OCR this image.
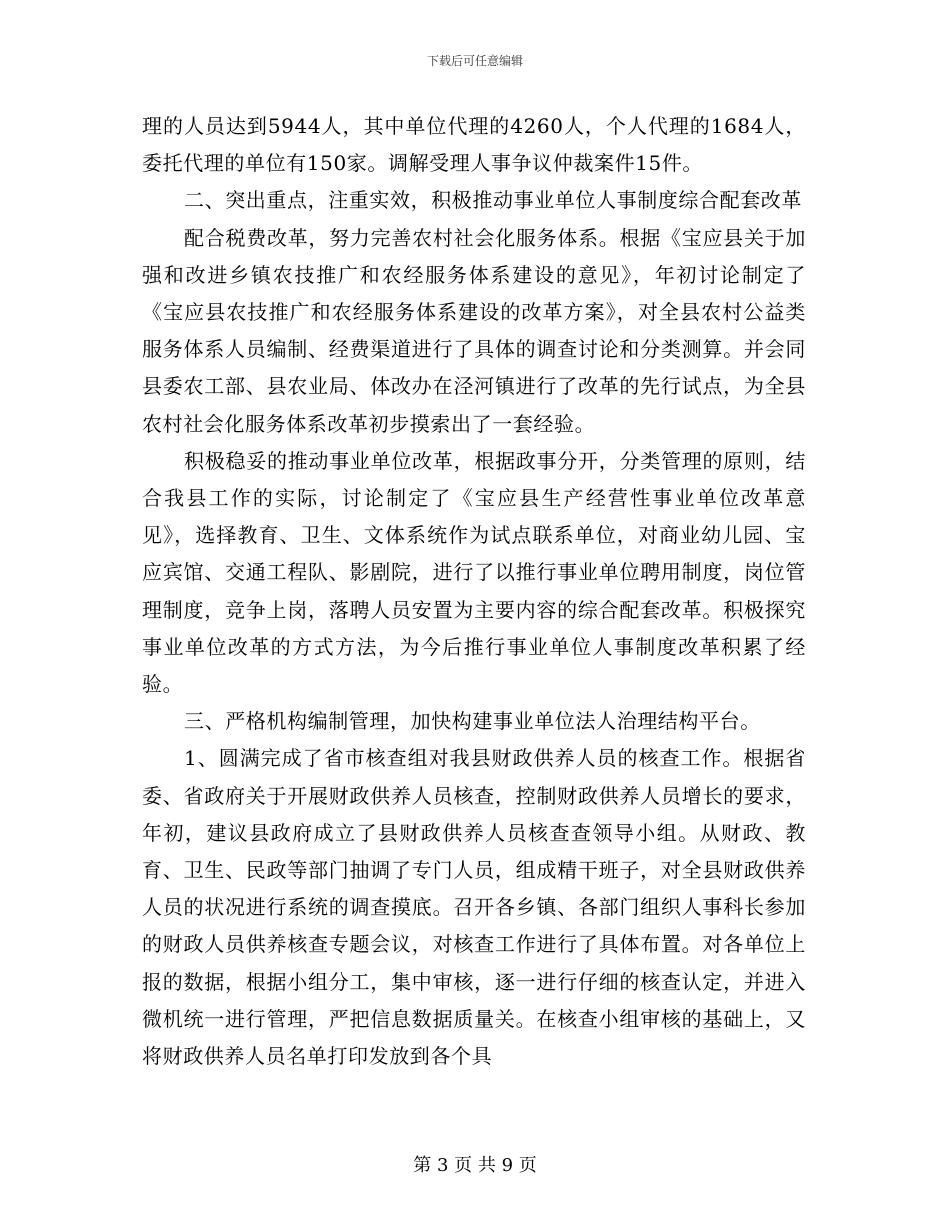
下载后可任意编辑

理的人员达到5944人，其中单位代理的4260人，个人代理的1684人，委托代理的单位有150家。调解受理人事争议仲裁案件15件。

二、突出重点，注重实效，积极推动事业单位人事制度综合配套改革

配合税费改革，努力完善农村社会化服务体系。根据《宝应县关于加强和改进乡镇农技推广和农经服务体系建设的意见》，年初讨论制定了《宝应县农技推广和农经服务体系建设的改革方案》，对全县农村公益类服务体系人员编制、经费渠道进行了具体的调查讨论和分类测算。并会同县委农工部、县农业局、体改办在泾河镇进行了改革的先行试点，为全县农村社会化服务体系改革初步摸索出了一套经验。

积极稳妥的推动事业单位改革，根据政事分开，分类管理的原则，结合我县工作的实际，讨论制定了《宝应县生产经营性事业单位改革意见》，选择教育、卫生、文体系统作为试点联系单位，对商业幼儿园、宝应宾馆、交通工程队、影剧院，进行了以推行事业单位聘用制度，岗位管理制度，竞争上岗，落聘人员安置为主要内容的综合配套改革。积极探究事业单位改革的方式方法，为今后推行事业单位人事制度改革积累了经验。

三、严格机构编制管理，加快构建事业单位法人治理结构平台。

1、圆满完成了省市核查组对我县财政供养人员的核查工作。根据省委、省政府关于开展财政供养人员核查，控制财政供养人员增长的要求，年初，建议县政府成立了县财政供养人员核查查领导小组。从财政、教育、卫生、民政等部门抽调了专门人员，组成精干班子，对全县财政供养人员的状况进行系统的调查摸底。召开各乡镇、各部门组织人事科长参加的财政人员供养核查专题会议，对核查工作进行了具体布置。对各单位上报的数据，根据小组分工，集中审核，逐一进行仔细的核查认定，并进入微机统一进行管理，严把信息数据质量关。在核查小组审核的基础上，又将财政供养人员名单打印发放到各个具

第 3 页 共 9 页
